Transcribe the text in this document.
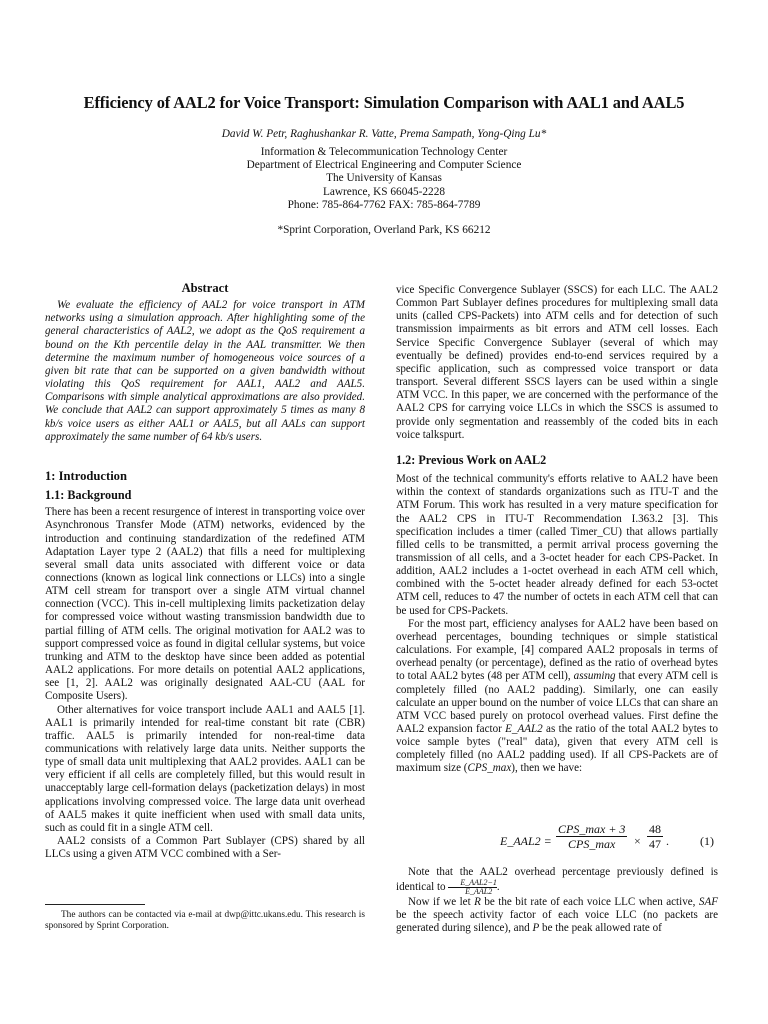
Efficiency of AAL2 for Voice Transport: Simulation Comparison with AAL1 and AAL5
David W. Petr, Raghushankar R. Vatte, Prema Sampath, Yong-Qing Lu*
Information & Telecommunication Technology Center
Department of Electrical Engineering and Computer Science
The University of Kansas
Lawrence, KS 66045-2228
Phone: 785-864-7762 FAX: 785-864-7789
*Sprint Corporation, Overland Park, KS 66212
Abstract

We evaluate the efficiency of AAL2 for voice transport in ATM networks using a simulation approach. After highlighting some of the general characteristics of AAL2, we adopt as the QoS requirement a bound on the Kth percentile delay in the AAL transmitter. We then determine the maximum number of homogeneous voice sources of a given bit rate that can be supported on a given bandwidth without violating this QoS requirement for AAL1, AAL2 and AAL5. Comparisons with simple analytical approximations are also provided. We conclude that AAL2 can support approximately 5 times as many 8 kb/s voice users as either AAL1 or AAL5, but all AALs can support approximately the same number of 64 kb/s users.

1: Introduction
1.1: Background

There has been a recent resurgence of interest in transporting voice over Asynchronous Transfer Mode (ATM) networks, evidenced by the introduction and continuing standardization of the redefined ATM Adaptation Layer type 2 (AAL2) that fills a need for multiplexing several small data units associated with different voice or data connections (known as logical link connections or LLCs) into a single ATM cell stream for transport over a single ATM virtual channel connection (VCC). This in-cell multiplexing limits packetization delay for compressed voice without wasting transmission bandwidth due to partial filling of ATM cells. The original motivation for AAL2 was to support compressed voice as found in digital cellular systems, but voice trunking and ATM to the desktop have since been added as potential AAL2 applications. For more details on potential AAL2 applications, see [1, 2]. AAL2 was originally designated AAL-CU (AAL for Composite Users).

Other alternatives for voice transport include AAL1 and AAL5 [1]. AAL1 is primarily intended for real-time constant bit rate (CBR) traffic. AAL5 is primarily intended for non-real-time data communications with relatively large data units. Neither supports the type of small data unit multiplexing that AAL2 provides. AAL1 can be very efficient if all cells are completely filled, but this would result in unacceptably large cell-formation delays (packetization delays) in most applications involving compressed voice. The large data unit overhead of AAL5 makes it quite inefficient when used with small data units, such as could fit in a single ATM cell.

AAL2 consists of a Common Part Sublayer (CPS) shared by all LLCs using a given ATM VCC combined with a Ser-

The authors can be contacted via e-mail at dwp@ittc.ukans.edu. This research is sponsored by Sprint Corporation.

vice Specific Convergence Sublayer (SSCS) for each LLC. The AAL2 Common Part Sublayer defines procedures for multiplexing small data units (called CPS-Packets) into ATM cells and for detection of such transmission impairments as bit errors and ATM cell losses. Each Service Specific Convergence Sublayer (several of which may eventually be defined) provides end-to-end services required by a specific application, such as compressed voice transport or data transport. Several different SSCS layers can be used within a single ATM VCC. In this paper, we are concerned with the performance of the AAL2 CPS for carrying voice LLCs in which the SSCS is assumed to provide only segmentation and reassembly of the coded bits in each voice talkspurt.

1.2: Previous Work on AAL2

Most of the technical community's efforts relative to AAL2 have been within the context of standards organizations such as ITU-T and the ATM Forum. This work has resulted in a very mature specification for the AAL2 CPS in ITU-T Recommendation I.363.2 [3]. This specification includes a timer (called Timer_CU) that allows partially filled cells to be transmitted, a permit arrival process governing the transmission of all cells, and a 3-octet header for each CPS-Packet. In addition, AAL2 includes a 1-octet overhead in each ATM cell which, combined with the 5-octet header already defined for each 53-octet ATM cell, reduces to 47 the number of octets in each ATM cell that can be used for CPS-Packets.

For the most part, efficiency analyses for AAL2 have been based on overhead percentages, bounding techniques or simple statistical calculations. For example, [4] compared AAL2 proposals in terms of overhead penalty (or percentage), defined as the ratio of overhead bytes to total AAL2 bytes (48 per ATM cell), assuming that every ATM cell is completely filled (no AAL2 padding). Similarly, one can easily calculate an upper bound on the number of voice LLCs that can share an ATM VCC based purely on protocol overhead values. First define the AAL2 expansion factor E_AAL2 as the ratio of the total AAL2 bytes to voice sample bytes ("real" data), given that every ATM cell is completely filled (no AAL2 padding used). If all CPS-Packets are of maximum size (CPS_max), then we have:

E_AAL2 =
CPS_max + 3
CPS_max	× $\frac{48}{47}$ .	(1)

Note that the AAL2 overhead percentage previously defined is identical to	E_AAL2−1
E_AAL2 .

Now if we let R be the bit rate of each voice LLC when active, SAF be the speech activity factor of each voice LLC (no packets are generated during silence), and P be the peak allowed rate of
